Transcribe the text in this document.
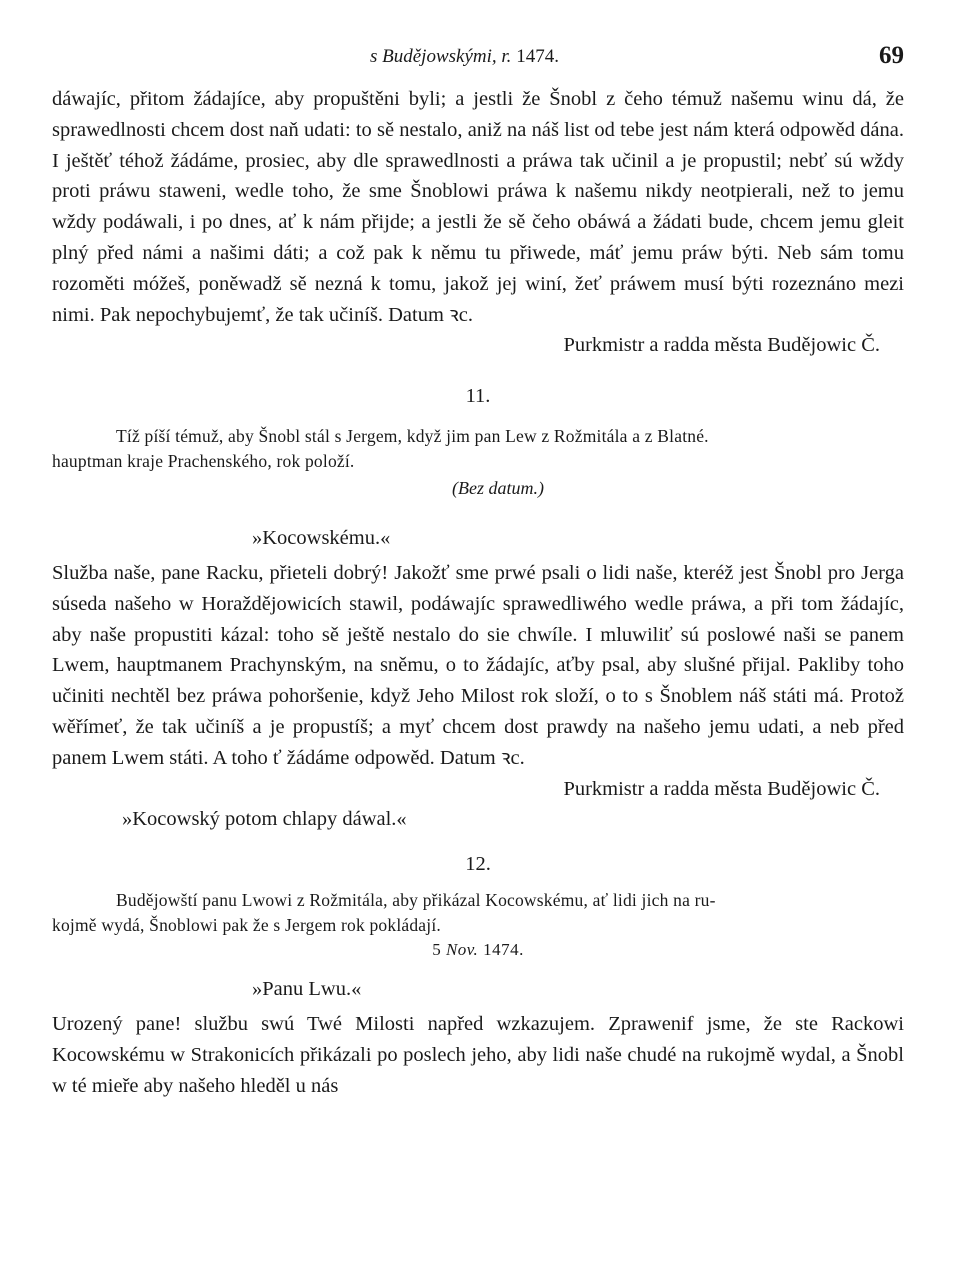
s Budějowskými, r. 1474.	69

dáwajíc, přitom žádajíce, aby propuštěni byli; a jestli že Šnobl z čeho témuž našemu winu dá, že sprawedlnosti chcem dost naň udati: to sě nestalo, aniž na náš list od tebe jest nám která odpowěd dána. I ještěť téhož žádáme, prosiec, aby dle sprawedlnosti a práwa tak učinil a je propustil; nebť sú wždy proti práwu staweni, wedle toho, že sme Šnoblowi práwa k našemu nikdy neotpierali, než to jemu wždy podáwali, i po dnes, ať k nám přijde; a jestli že sě čeho obáwá a žádati bude, chcem jemu gleit plný před námi a našimi dáti; a což pak k němu tu přiwede, máť jemu práw býti. Neb sám tomu rozoměti móžeš, poněwadž sě nezná k tomu, jakož jej winí, žeť práwem musí býti rozeznáno mezi nimi. Pak nepochybujemť, že tak učiníš. Datum ꝛc.

Purkmistr a radda města Budějowic Č.

11.

Tíž píší témuž, aby Šnobl stál s Jergem, když jim pan Lew z Rožmitála a z Blatné.

hauptman kraje Prachenského, rok položí.

(Bez datum.)

»Kocowskému.«

Služba naše, pane Racku, přieteli dobrý! Jakožť sme prwé psali o lidi naše, kteréž jest Šnobl pro Jerga súseda našeho w Horaždějowicích stawil, podáwajíc sprawedliwého wedle práwa, a při tom žádajíc, aby naše propustiti kázal: toho sě ještě nestalo do sie chwíle. I mluwiliť sú poslowé naši se panem Lwem, hauptmanem Prachynským, na sněmu, o to žádajíc, aťby psal, aby slušné přijal. Pakliby toho učiniti nechtěl bez práwa pohoršenie, když Jeho Milost rok složí, o to s Šnoblem náš státi má. Protož wěřímeť, že tak učiníš a je propustíš; a myť chcem dost prawdy na našeho jemu udati, a neb před panem Lwem státi. A toho ť žádáme odpowěd. Datum ꝛc.

Purkmistr a radda města Budějowic Č.

»Kocowský potom chlapy dáwal.«

12.

Budějowští panu Lwowi z Rožmitála, aby přikázal Kocowskému, ať lidi jich na ru-

kojmě wydá, Šnoblowi pak že s Jergem rok pokládají.

5 Nov. 1474.

»Panu Lwu.«

Urozený pane! službu swú Twé Milosti napřed wzkazujem. Zprawenif jsme, že ste Rackowi Kocowskému w Strakonicích přikázali po poslech jeho, aby lidi naše chudé na rukojmě wydal, a Šnobl w té mieře aby našeho hleděl u nás
